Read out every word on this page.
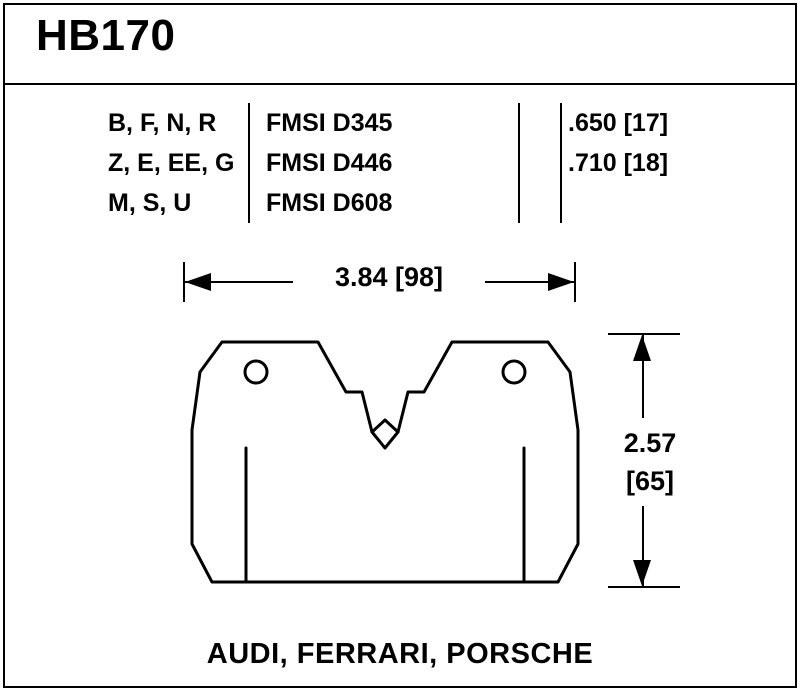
HB170
B, F, N, R
Z, E, EE, G
M, S, U
FMSI D345
FMSI D446
FMSI D608
.650 [17]
.710 [18]
3.84 [98]
2.57
[65]
AUDI, FERRARI, PORSCHE
